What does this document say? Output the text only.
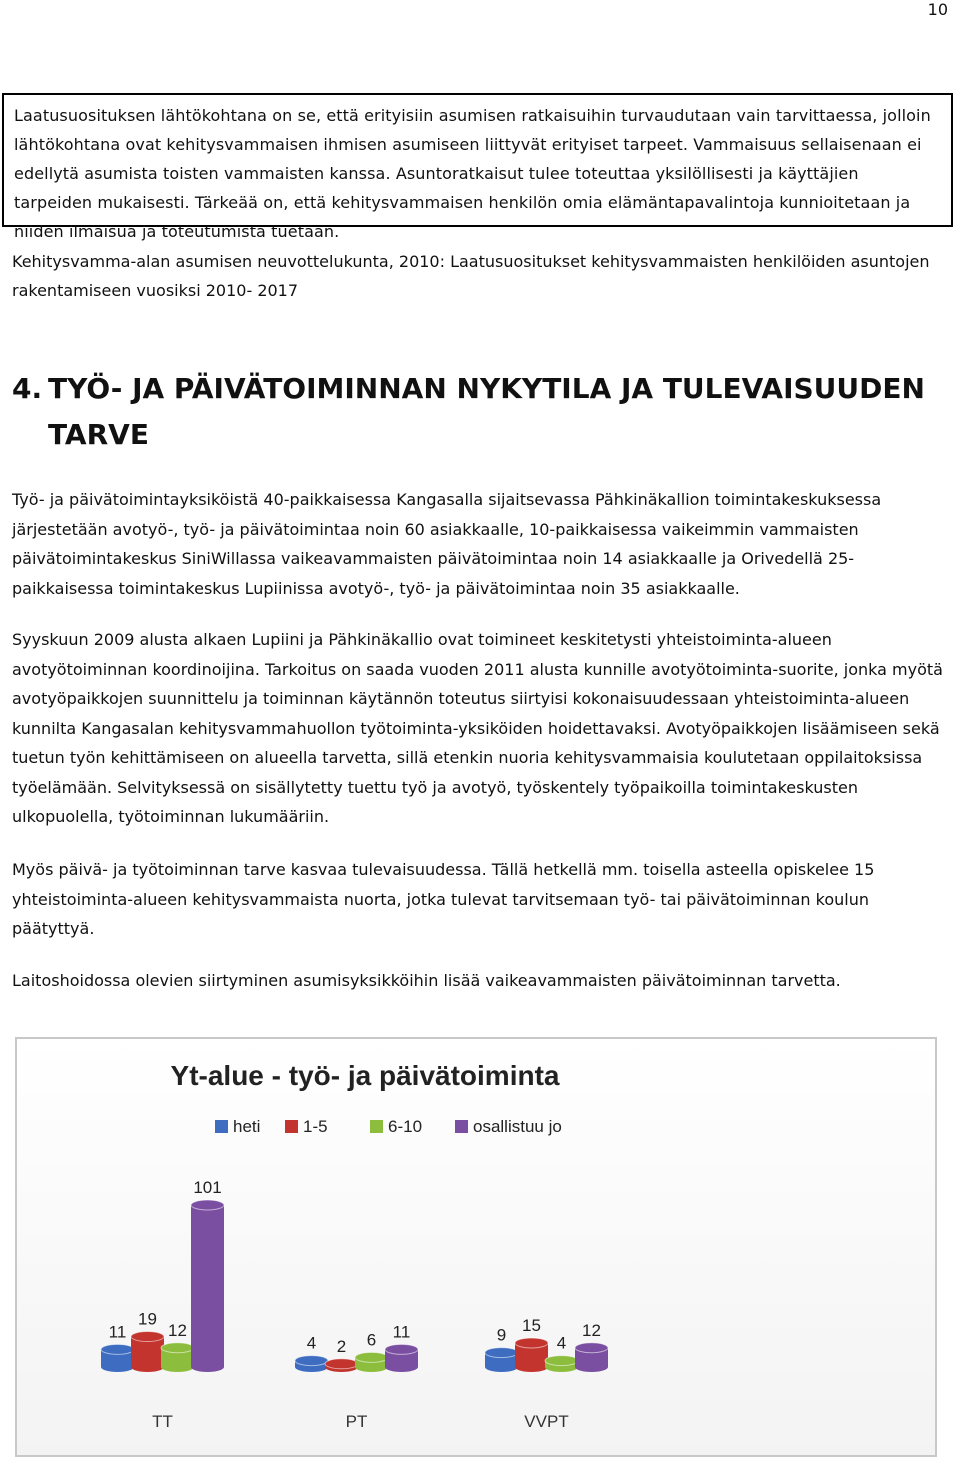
10

Laatusuosituksen lähtökohtana on se, että erityisiin asumisen ratkaisuihin turvaudutaan vain tarvittaessa, jolloin lähtökohtana ovat kehitysvammaisen ihmisen asumiseen liittyvät erityiset tarpeet. Vammaisuus sellaisenaan ei edellytä asumista toisten vammaisten kanssa. Asuntoratkaisut tulee toteuttaa yksilöllisesti ja käyttäjien tarpeiden mukaisesti. Tärkeää on, että kehitysvammaisen henkilön omia elämäntapavalintoja kunnioitetaan ja niiden ilmaisua ja toteutumista tuetaan.

Kehitysvamma-alan asumisen neuvottelukunta, 2010: Laatusuositukset kehitysvammaisten henkilöiden asuntojen rakentamiseen vuosiksi 2010- 2017

4. TYÖ- JA PÄIVÄTOIMINNAN NYKYTILA JA TULEVAISUUDEN
TARVE

Työ- ja päivätoimintayksiköistä 40-paikkaisessa Kangasalla sijaitsevassa Pähkinäkallion toimintakeskuksessa järjestetään avotyö-, työ- ja päivätoimintaa noin 60 asiakkaalle, 10-paikkaisessa vaikeimmin vammaisten päivätoimintakeskus SiniWillassa vaikeavammaisten päivätoimintaa noin 14 asiakkaalle ja Orivedellä 25-paikkaisessa toimintakeskus Lupiinissa avotyö-, työ- ja päivätoimintaa noin 35 asiakkaalle.

Syyskuun 2009 alusta alkaen Lupiini ja Pähkinäkallio ovat toimineet keskitetysti yhteistoiminta-alueen avotyötoiminnan koordinoijina. Tarkoitus on saada vuoden 2011 alusta kunnille avotyötoiminta-suorite, jonka myötä avotyöpaikkojen suunnittelu ja toiminnan käytännön toteutus siirtyisi kokonaisuudessaan yhteistoiminta-alueen kunnilta Kangasalan kehitysvammahuollon työtoiminta-yksiköiden hoidettavaksi. Avotyöpaikkojen lisäämiseen sekä tuetun työn kehittämiseen on alueella tarvetta, sillä etenkin nuoria kehitysvammaisia koulutetaan oppilaitoksissa työelämään. Selvityksessä on sisällytetty tuettu työ ja avotyö, työskentely työpaikoilla toimintakeskusten ulkopuolella, työtoiminnan lukumääriin.

Myös päivä- ja työtoiminnan tarve kasvaa tulevaisuudessa. Tällä hetkellä mm. toisella asteella opiskelee 15 yhteistoiminta-alueen kehitysvammaista nuorta, jotka tulevat tarvitsemaan työ- tai päivätoiminnan koulun päätyttyä.

Laitoshoidossa olevien siirtyminen asumisyksikköihin lisää vaikeavammaisten päivätoiminnan tarvetta.

Yt-alue - työ- ja päivätoiminta
heti	1-5	6-10	osallistuu jo
11
19
12
101
4 2 6 11	9
15
4
12
TT	PT	VVPT
